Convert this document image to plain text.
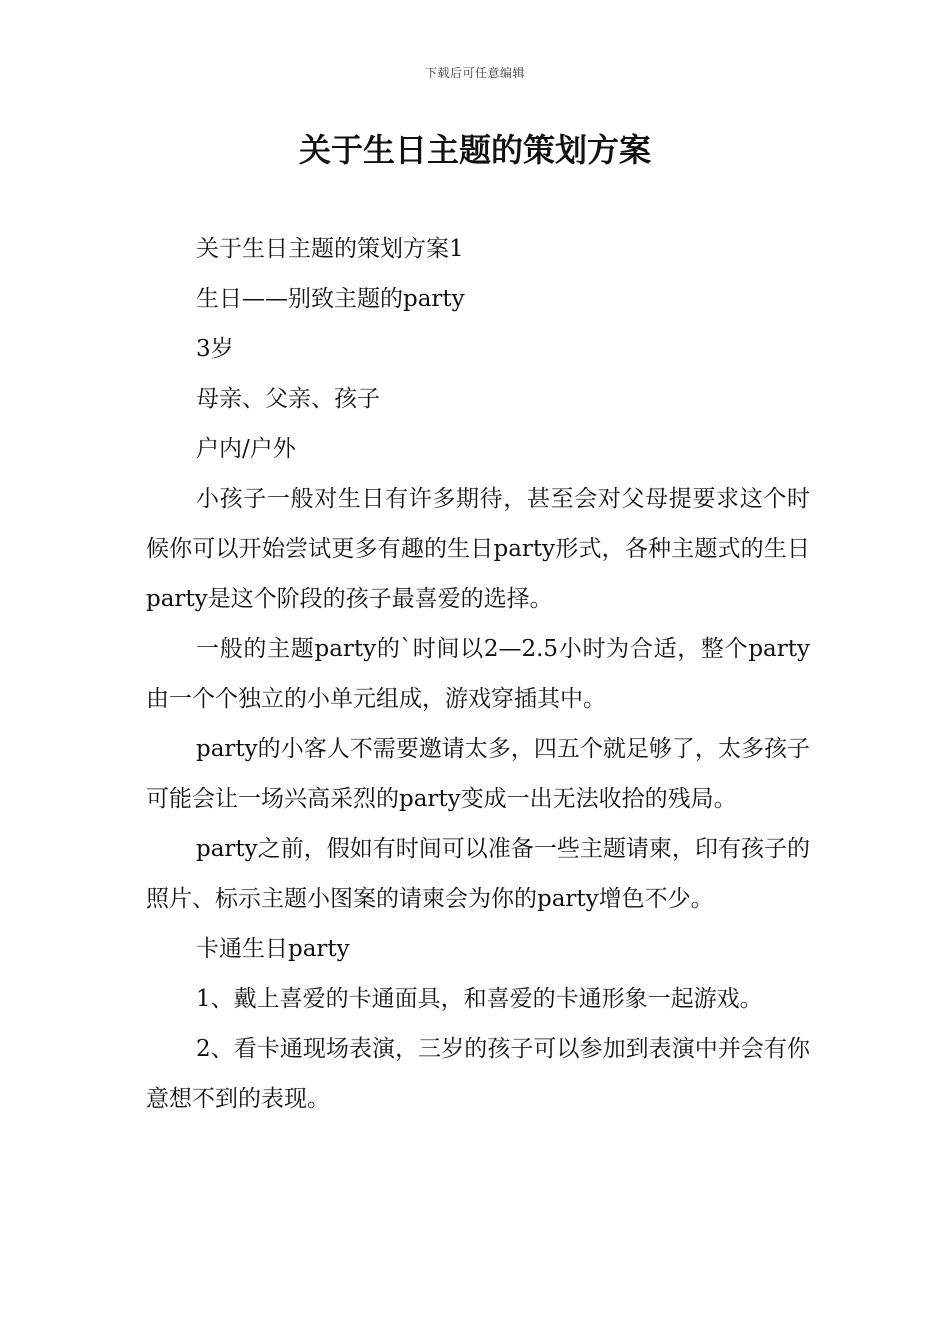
下载后可任意编辑
关于生日主题的策划方案

关于生日主题的策划方案1

生日——别致主题的party

3岁

母亲、父亲、孩子

户内/户外

小孩子一般对生日有许多期待，甚至会对父母提要求这个时候你可以开始尝试更多有趣的生日party形式，各种主题式的生日party是这个阶段的孩子最喜爱的选择。

一般的主题party的`时间以2—2.5小时为合适，整个party由一个个独立的小单元组成，游戏穿插其中。

party的小客人不需要邀请太多，四五个就足够了，太多孩子可能会让一场兴高采烈的party变成一出无法收拾的残局。

party之前，假如有时间可以准备一些主题请柬，印有孩子的照片、标示主题小图案的请柬会为你的party增色不少。

卡通生日party

1、戴上喜爱的卡通面具，和喜爱的卡通形象一起游戏。

2、看卡通现场表演，三岁的孩子可以参加到表演中并会有你意想不到的表现。
